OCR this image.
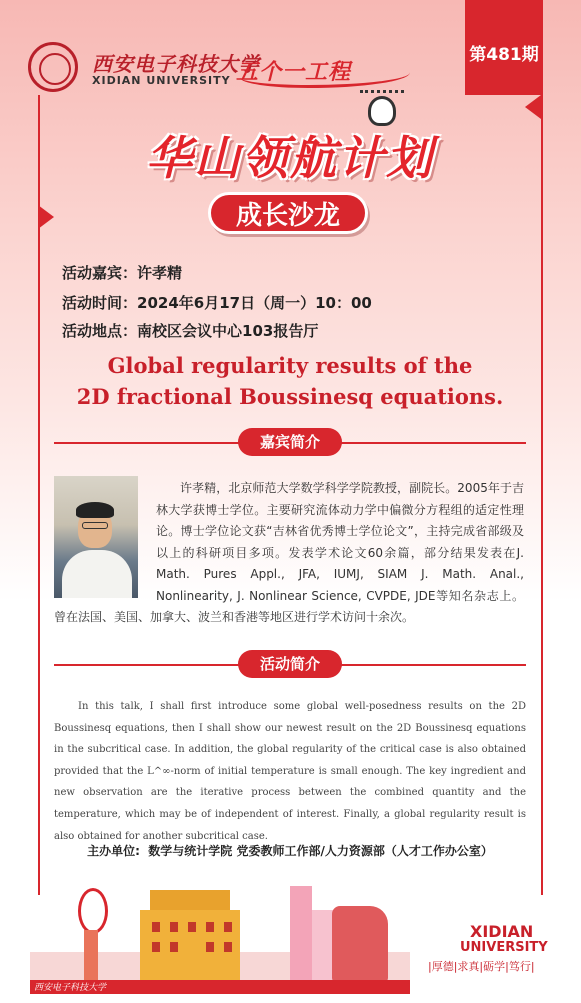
第481期
西安电子科技大学
XIDIAN UNIVERSITY 五个一工程
华山领航计划
成长沙龙
活动嘉宾：许孝精
活动时间：2024年6月17日（周一）10：00
活动地点：南校区会议中心103报告厅
Global regularity results of the
2D fractional Boussinesq equations.
嘉宾简介
许孝精，北京师范大学数学科学学院教授，副院长。2005年于吉林大学获博士学位。主要研究流体动力学中偏微分方程组的适定性理论。博士学位论文获“吉林省优秀博士学位论文”，主持完成省部级及以上的科研项目多项。发表学术论文60余篇，部分结果发表在J. Math. Pures Appl., JFA, IUMJ, SIAM J. Math. Anal., Nonlinearity, J. Nonlinear Science, CVPDE, JDE等知名杂志上。曾在法国、美国、加拿大、波兰和香港等地区进行学术访问十余次。
活动简介
In this talk, I shall first introduce some global well-posedness results on the 2D Boussinesq equations, then I shall show our newest result on the 2D Boussinesq equations in the subcritical case. In addition, the global regularity of the critical case is also obtained provided that the L^∞-norm of initial temperature is small enough. The key ingredient and new observation are the iterative process between the combined quantity and the temperature, which may be of independent of interest. Finally, a global regularity result is also obtained for another subcritical case.
主办单位: 数学与统计学院 党委教师工作部/人力资源部（人才工作办公室）
西安电子科技大学
XIDIAN
UNIVERSITY
|厚德|求真|砺学|笃行|
